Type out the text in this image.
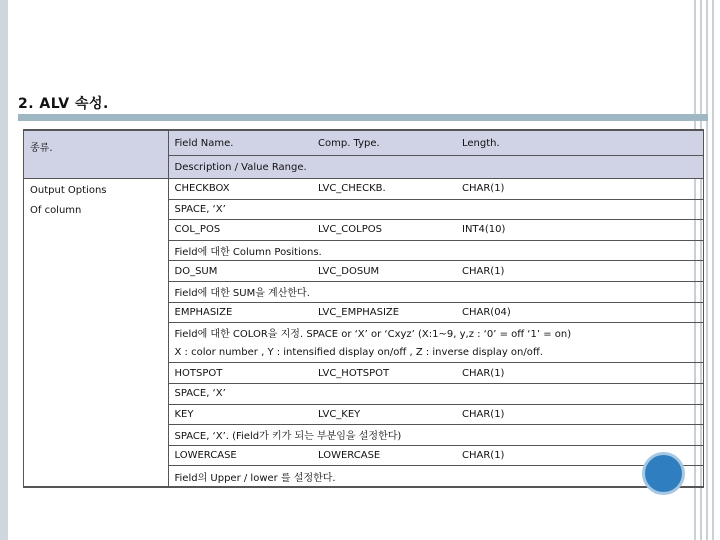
2. ALV 속성.
종류.	Field Name.	Comp. Type.	Length.
	Description / Value Range.		

Output Options
Of column	CHECKBOX	LVC_CHECKB.	CHAR(1)
	SPACE, ‘X’		
	COL_POS	LVC_COLPOS	INT4(10)
	Field에 대한 Column Positions.		
	DO_SUM	LVC_DOSUM	CHAR(1)
	Field에 대한 SUM을 계산한다.		
	EMPHASIZE	LVC_EMPHASIZE	CHAR(04)
	Field에 대한 COLOR을 지정. SPACE or ‘X’ or ‘Cxyz’ (X:1~9, y,z : ‘0’ = off ‘1’ = on)		
	X : color number , Y : intensified display on/off , Z : inverse display on/off.		
	HOTSPOT	LVC_HOTSPOT	CHAR(1)
	SPACE, ‘X’		
	KEY	LVC_KEY	CHAR(1)
	SPACE, ‘X’. (Field가 키가 되는 부분임을 설정한다)		
	LOWERCASE	LOWERCASE	CHAR(1)
	Field의 Upper / lower 를 설정한다.		
